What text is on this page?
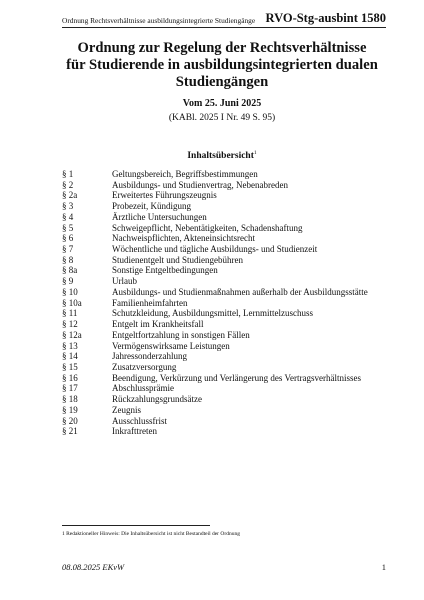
Ordnung Rechtsverhältnisse ausbildungsintegrierte Studiengänge RVO-Stg-ausbint 1580
Ordnung zur Regelung der Rechtsverhältnisse
für Studierende in ausbildungsintegrierten dualen
Studiengängen
Vom 25. Juni 2025
(KABl. 2025 I Nr. 49 S. 95)
Inhaltsübersicht$^1$
§ 1	Geltungsbereich, Begriffsbestimmungen
§ 2	Ausbildungs- und Studienvertrag, Nebenabreden
§ 2a	Erweitertes Führungszeugnis
§ 3	Probezeit, Kündigung
§ 4	Ärztliche Untersuchungen
§ 5	Schweigepflicht, Nebentätigkeiten, Schadenshaftung
§ 6	Nachweispflichten, Akteneinsichtsrecht
§ 7	Wöchentliche und tägliche Ausbildungs- und Studienzeit
§ 8	Studienentgelt und Studiengebühren
§ 8a	Sonstige Entgeltbedingungen
§ 9	Urlaub
§ 10	Ausbildungs- und Studienmaßnahmen außerhalb der Ausbildungsstätte
§ 10a	Familienheimfahrten
§ 11	Schutzkleidung, Ausbildungsmittel, Lernmittelzuschuss
§ 12	Entgelt im Krankheitsfall
§ 12a	Entgeltfortzahlung in sonstigen Fällen
§ 13	Vermögenswirksame Leistungen
§ 14	Jahressonderzahlung
§ 15	Zusatzversorgung
§ 16	Beendigung, Verkürzung und Verlängerung des Vertragsverhältnisses
§ 17	Abschlussprämie
§ 18	Rückzahlungsgrundsätze
§ 19	Zeugnis
§ 20	Ausschlussfrist
§ 21	Inkrafttreten
1 Redaktioneller Hinweis: Die Inhaltsübersicht ist nicht Bestandteil der Ordnung
08.08.2025 EKvW	1
